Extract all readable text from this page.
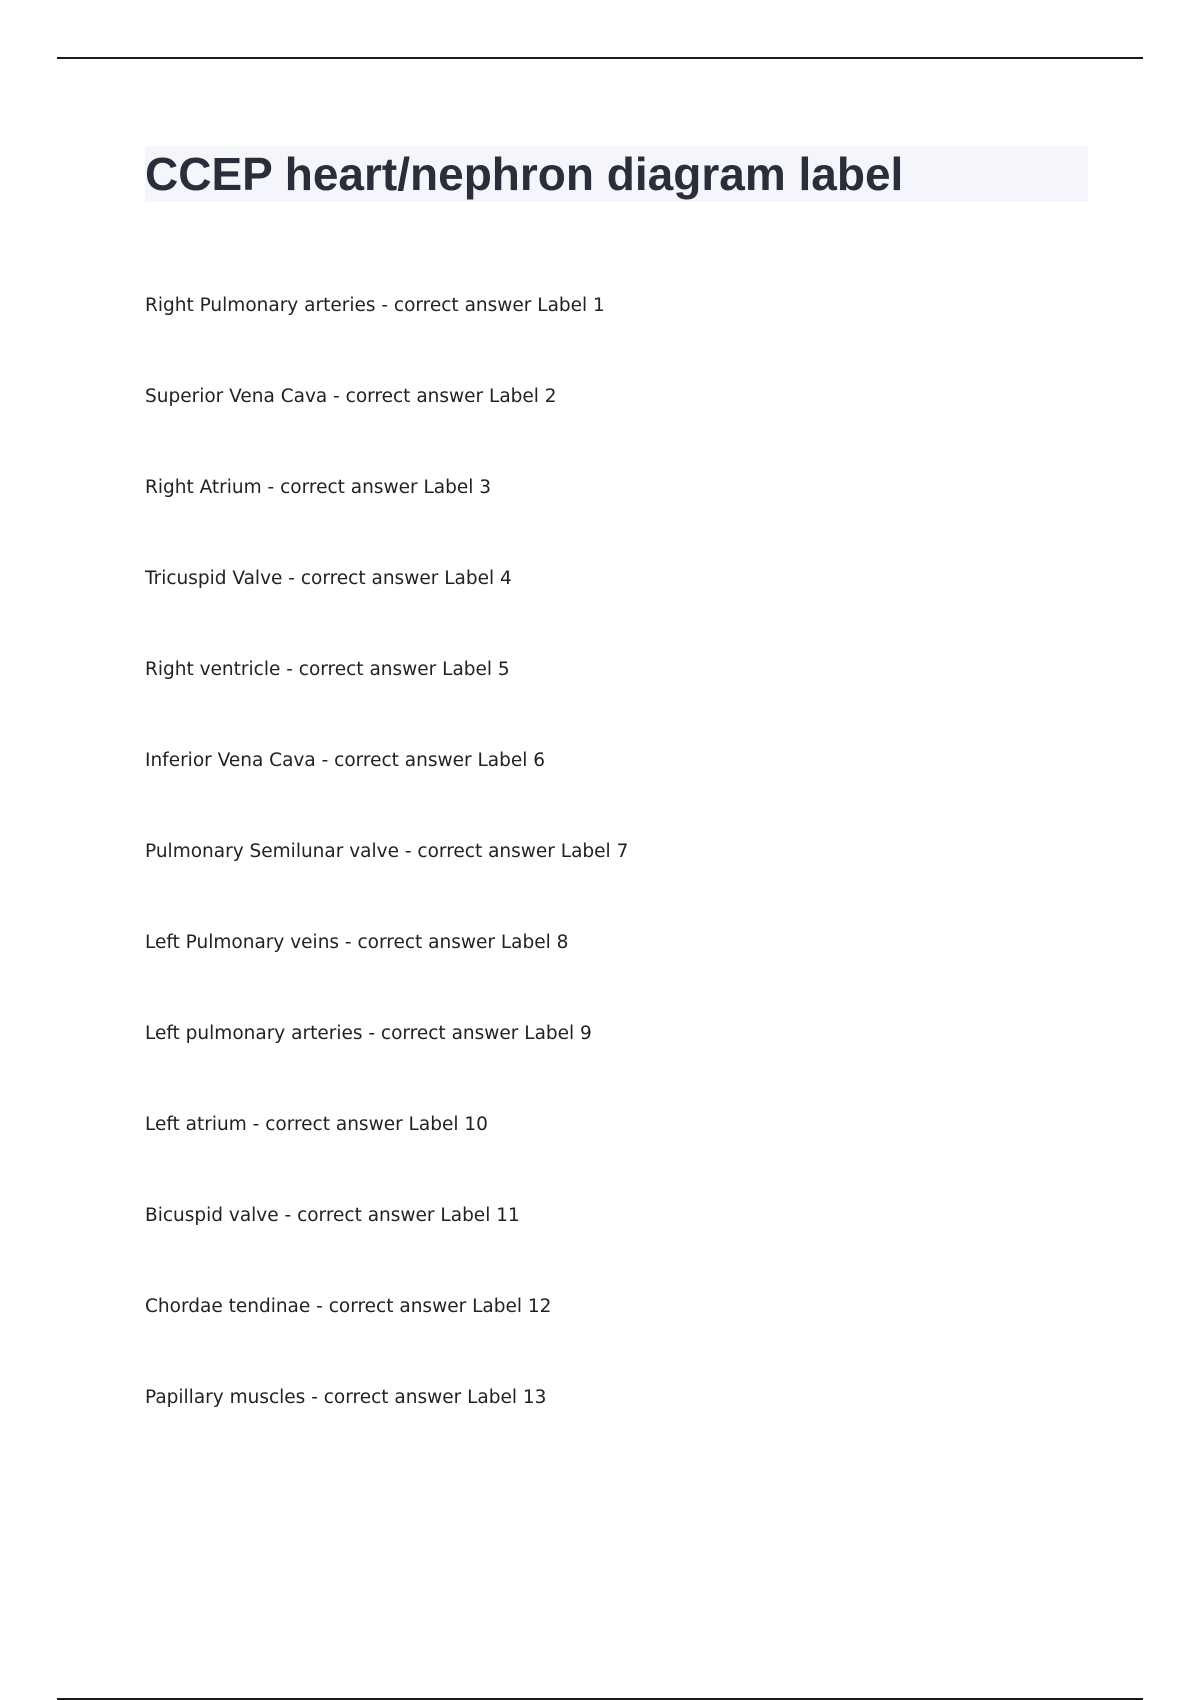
CCEP heart/nephron diagram label
Right Pulmonary arteries - correct answer Label 1
Superior Vena Cava - correct answer Label 2
Right Atrium - correct answer Label 3
Tricuspid Valve - correct answer Label 4
Right ventricle - correct answer Label 5
Inferior Vena Cava - correct answer Label 6
Pulmonary Semilunar valve - correct answer Label 7
Left Pulmonary veins - correct answer Label 8
Left pulmonary arteries - correct answer Label 9
Left atrium - correct answer Label 10
Bicuspid valve - correct answer Label 11
Chordae tendinae - correct answer Label 12
Papillary muscles - correct answer Label 13
